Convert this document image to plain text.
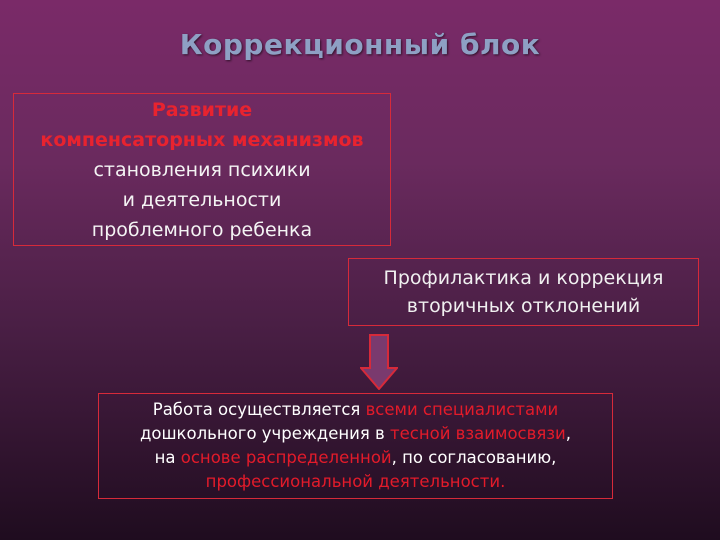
Коррекционный блок
Развитие
компенсаторных механизмов
становления психики
и деятельности
проблемного ребенка
Профилактика и коррекция
вторичных отклонений
Работа осуществляется всеми специалистами
дошкольного учреждения в тесной взаимосвязи,
на основе распределенной, по согласованию,
профессиональной деятельности.
